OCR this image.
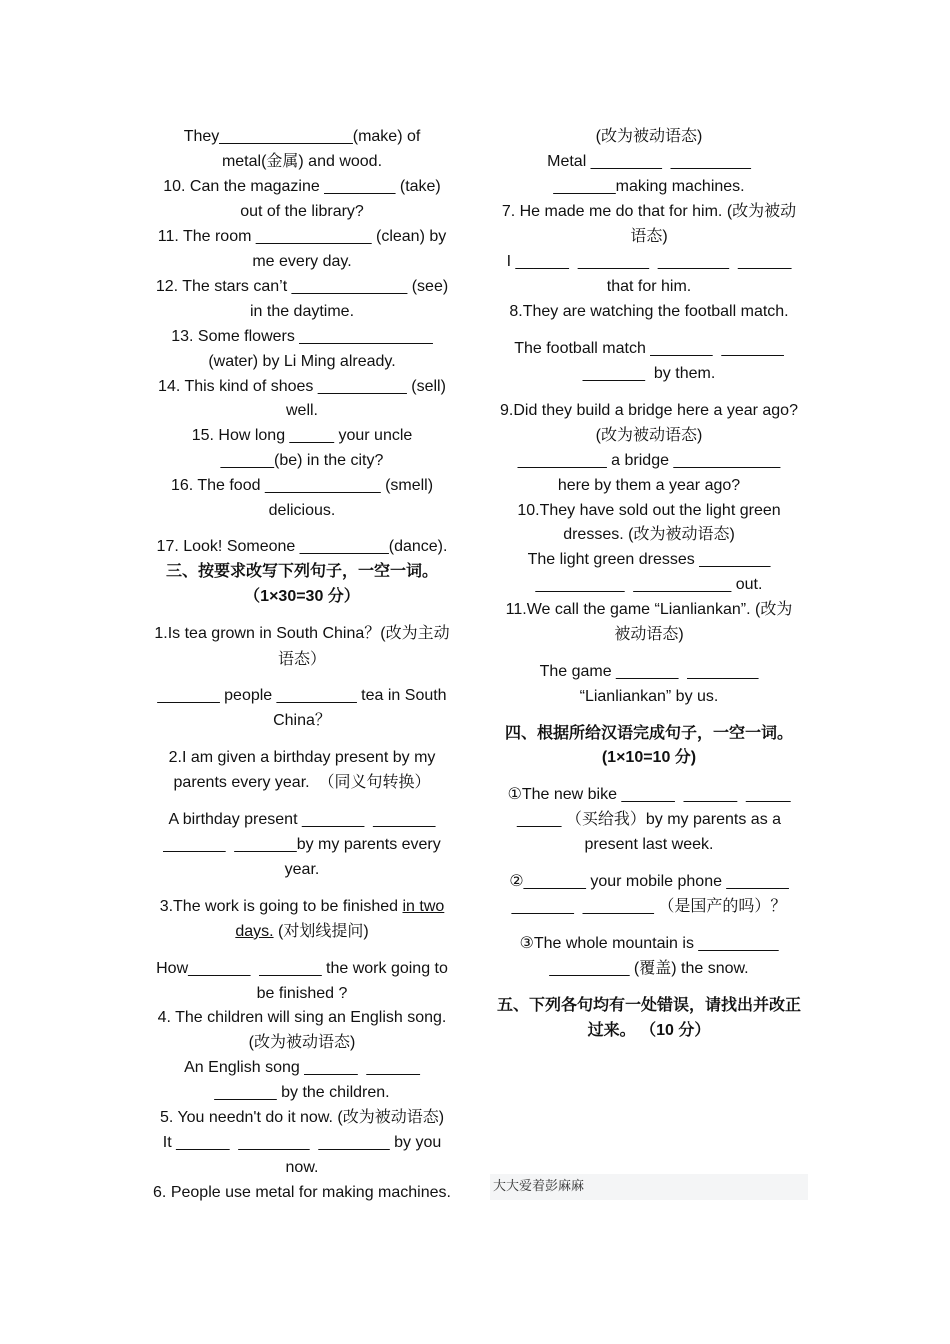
They_______________(make) of
metal(金属) and wood.
10. Can the magazine ________ (take)
out of the library?
11. The room _____________ (clean) by
me every day.
12. The stars can’t _____________ (see)
in the daytime.
13. Some flowers _______________
(water) by Li Ming already.
14. This kind of shoes __________ (sell)
well.
15. How long _____ your uncle
______(be) in the city?
16. The food _____________ (smell)
delicious.
17. Look! Someone __________(dance).
三、按要求改写下列句子，一空一词。
（1×30=30 分）
1.Is tea grown in South China？(改为主动
语态）
_______ people _________ tea in South
China？
2.I am given a birthday present by my
parents every year.  （同义句转换）
A birthday present _______  _______
_______  _______by my parents every
year.
3.The work is going to be finished in two
days. (对划线提问)
How_______  _______ the work going to
be finished ?
4. The children will sing an English song.
(改为被动语态)
An English song ______  ______
_______ by the children.
5. You needn't do it now. (改为被动语态)
It ______  ________  ________ by you
now.
6. People use metal for making machines.
(改为被动语态)
Metal ________  _________
_______making machines.
7. He made me do that for him. (改为被动
语态)
I ______  ________  ________  ______
that for him.
8.They are watching the football match.
The football match _______  _______
_______  by them.
9.Did they build a bridge here a year ago?
(改为被动语态)
__________ a bridge ____________
here by them a year ago?
10.They have sold out the light green
dresses. (改为被动语态)
The light green dresses ________
__________  ___________ out.
11.We call the game “Lianliankan”. (改为
被动语态)
The game _______  ________
“Lianliankan” by us.
四、根据所给汉语完成句子，一空一词。
(1×10=10 分)
①The new bike ______  ______  _____
_____ （买给我）by my parents as a
present last week.
②_______ your mobile phone _______
_______  ________ （是国产的吗）？
③The whole mountain is _________
_________ (覆盖) the snow.
五、下列各句均有一处错误，请找出并改正
过来。 （10 分）
大大爱着彭麻麻
